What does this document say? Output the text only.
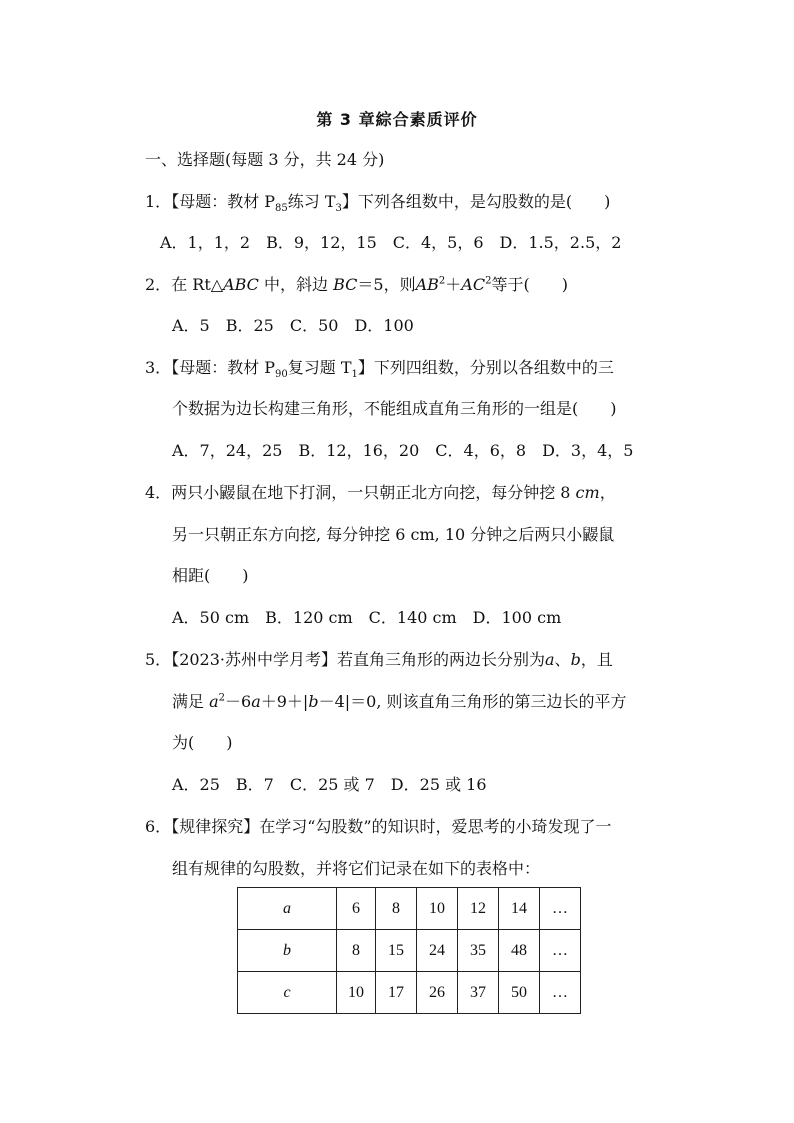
第 3 章綜合素质评价
一、选择题(每题 3 分，共 24 分)
1．【母题：教材 $P_{85}$练习 $T_3$】下列各组数中，是勾股数的是(　　)
A．1，1，2　B．9，12，15　C．4，5，6　D．1.5，2.5，2
2．在 Rt△ABC 中，斜边 BC＝5，则$AB^2+AC^2$等于(　　)
A．5　B．25　C．50　D．100
3．【母题：教材 $P_{90}$复习题 $T_1$】下列四组数，分别以各组数中的三
个数据为边长构建三角形，不能组成直角三角形的一组是(　　)
A．7，24，25　B．12，16，20　C．4，6，8　D．3，4，5
4．两只小鼹鼠在地下打洞，一只朝正北方向挖，每分钟挖 8 cm，
另一只朝正东方向挖, 每分钟挖 6 cm, 10 分钟之后两只小鼹鼠
相距(　　)
A．50 cm　B．120 cm　C．140 cm　D．100 cm
5．【2023·苏州中学月考】若直角三角形的两边长分别为a、b，且
满足 $a^2-6a+9+|b-4|=0$, 则该直角三角形的第三边长的平方
为(　　)
A．25　B．7　C．25 或 7　D．25 或 16
6．【规律探究】在学习“勾股数”的知识时，爱思考的小琦发现了一
组有规律的勾股数，并将它们记录在如下的表格中：
a	6	8	10	12	14	…
b	8	15	24	35	48	…
c	10	17	26	37	50	…
